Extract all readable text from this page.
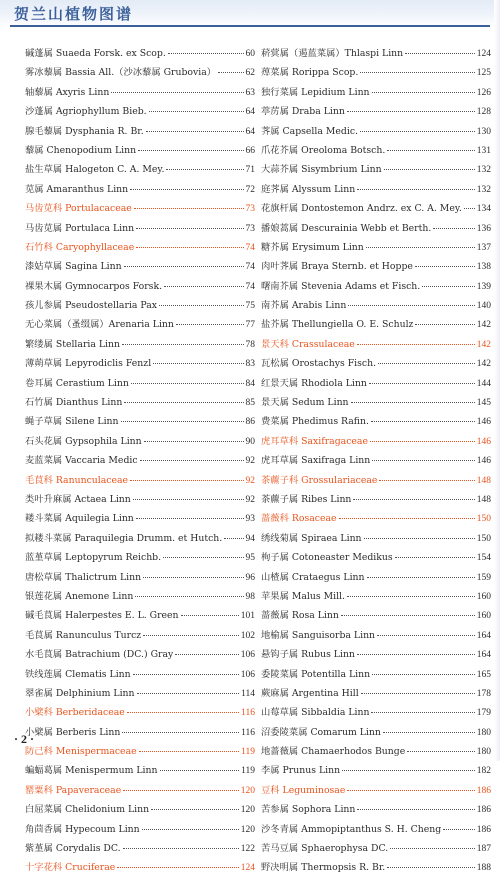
贺兰山植物图谱
碱蓬属 Suaeda Forsk. ex Scop.	60
雾冰藜属 Bassia All.（沙冰藜属 Grubovia）	62
轴藜属 Axyris Linn	63
沙蓬属 Agriophyllum Bieb.	64
腺毛藜属 Dysphania R. Br.	64
藜属 Chenopodium Linn	66
盐生草属 Halogeton C. A. Mey.	71
苋属 Amaranthus Linn	72
马齿苋科 Portulacaceae	73
马齿苋属 Portulaca Linn	73
石竹科 Caryophyllaceae	74
漆姑草属 Sagina Linn	74
裸果木属 Gymnocarpos Forsk.	74
孩儿参属 Pseudostellaria Pax	75
无心菜属（蚤缀属）Arenaria Linn	77
繁缕属 Stellaria Linn	78
薄蒴草属 Lepyrodiclis Fenzl	83
卷耳属 Cerastium Linn	84
石竹属 Dianthus Linn	85
蝇子草属 Silene Linn	86
石头花属 Gypsophila Linn	90
麦蓝菜属 Vaccaria Medic	92
毛茛科 Ranunculaceae	92
类叶升麻属 Actaea Linn	92
耧斗菜属 Aquilegia Linn	93
拟耧斗菜属 Paraquilegia Drumm. et Hutch. 94
蓝堇草属 Leptopyrum Reichb.	95
唐松草属 Thalictrum Linn	96
银莲花属 Anemone Linn	98
碱毛茛属 Halerpestes E. L. Green	101
毛茛属 Ranunculus Turcz	102
水毛茛属 Batrachium (DC.) Gray	106
铁线莲属 Clematis Linn	106
翠雀属 Delphinium Linn	114
小檗科 Berberidaceae	116
小檗属 Berberis Linn	116
防己科 Menispermaceae	119
蝙蝠葛属 Menispermum Linn	119
罂粟科 Papaveraceae	120
白屈菜属 Chelidonium Linn	120
角茴香属 Hypecoum Linn	120
紫堇属 Corydalis DC.	122
十字花科 Cruciferae	124
菥蓂属（遏蓝菜属）Thlaspi Linn	124
蔊菜属 Rorippa Scop.	125
独行菜属 Lepidium Linn	126
葶苈属 Draba Linn	128
荠属 Capsella Medic.	130
爪花芥属 Oreoloma Botsch.	131
大蒜芥属 Sisymbrium Linn	132
庭荠属 Alyssum Linn	132
花旗杆属 Dontostemon Andrz. ex C. A. Mey. 134
播娘蒿属 Descurainia Webb et Berth.	136
糖芥属 Erysimum Linn	137
肉叶荠属 Braya Sternb. et Hoppe	138
曙南芥属 Stevenia Adams et Fisch.	139
南芥属 Arabis Linn	140
盐芥属 Thellungiella O. E. Schulz	142
景天科 Crassulaceae	142
瓦松属 Orostachys Fisch.	142
红景天属 Rhodiola Linn	144
景天属 Sedum Linn	145
费菜属 Phedimus Rafin.	146
虎耳草科 Saxifragaceae	146
虎耳草属 Saxifraga Linn	146
茶藨子科 Grossulariaceae	148
茶藨子属 Ribes Linn	148
蔷薇科 Rosaceae	150
绣线菊属 Spiraea Linn	150
栒子属 Cotoneaster Medikus	154
山楂属 Crataegus Linn	159
苹果属 Malus Mill.	160
蔷薇属 Rosa Linn	160
地榆属 Sanguisorba Linn	164
悬钩子属 Rubus Linn	164
委陵菜属 Potentilla Linn	165
蕨麻属 Argentina Hill	178
山莓草属 Sibbaldia Linn	179
沼委陵菜属 Comarum Linn	180
地蔷薇属 Chamaerhodos Bunge	180
李属 Prunus Linn	182
豆科 Leguminosae	186
苦参属 Sophora Linn	186
沙冬青属 Ammopiptanthus S. H. Cheng	186
苦马豆属 Sphaerophysa DC.	187
野决明属 Thermopsis R. Br.	188
· 2 ·
